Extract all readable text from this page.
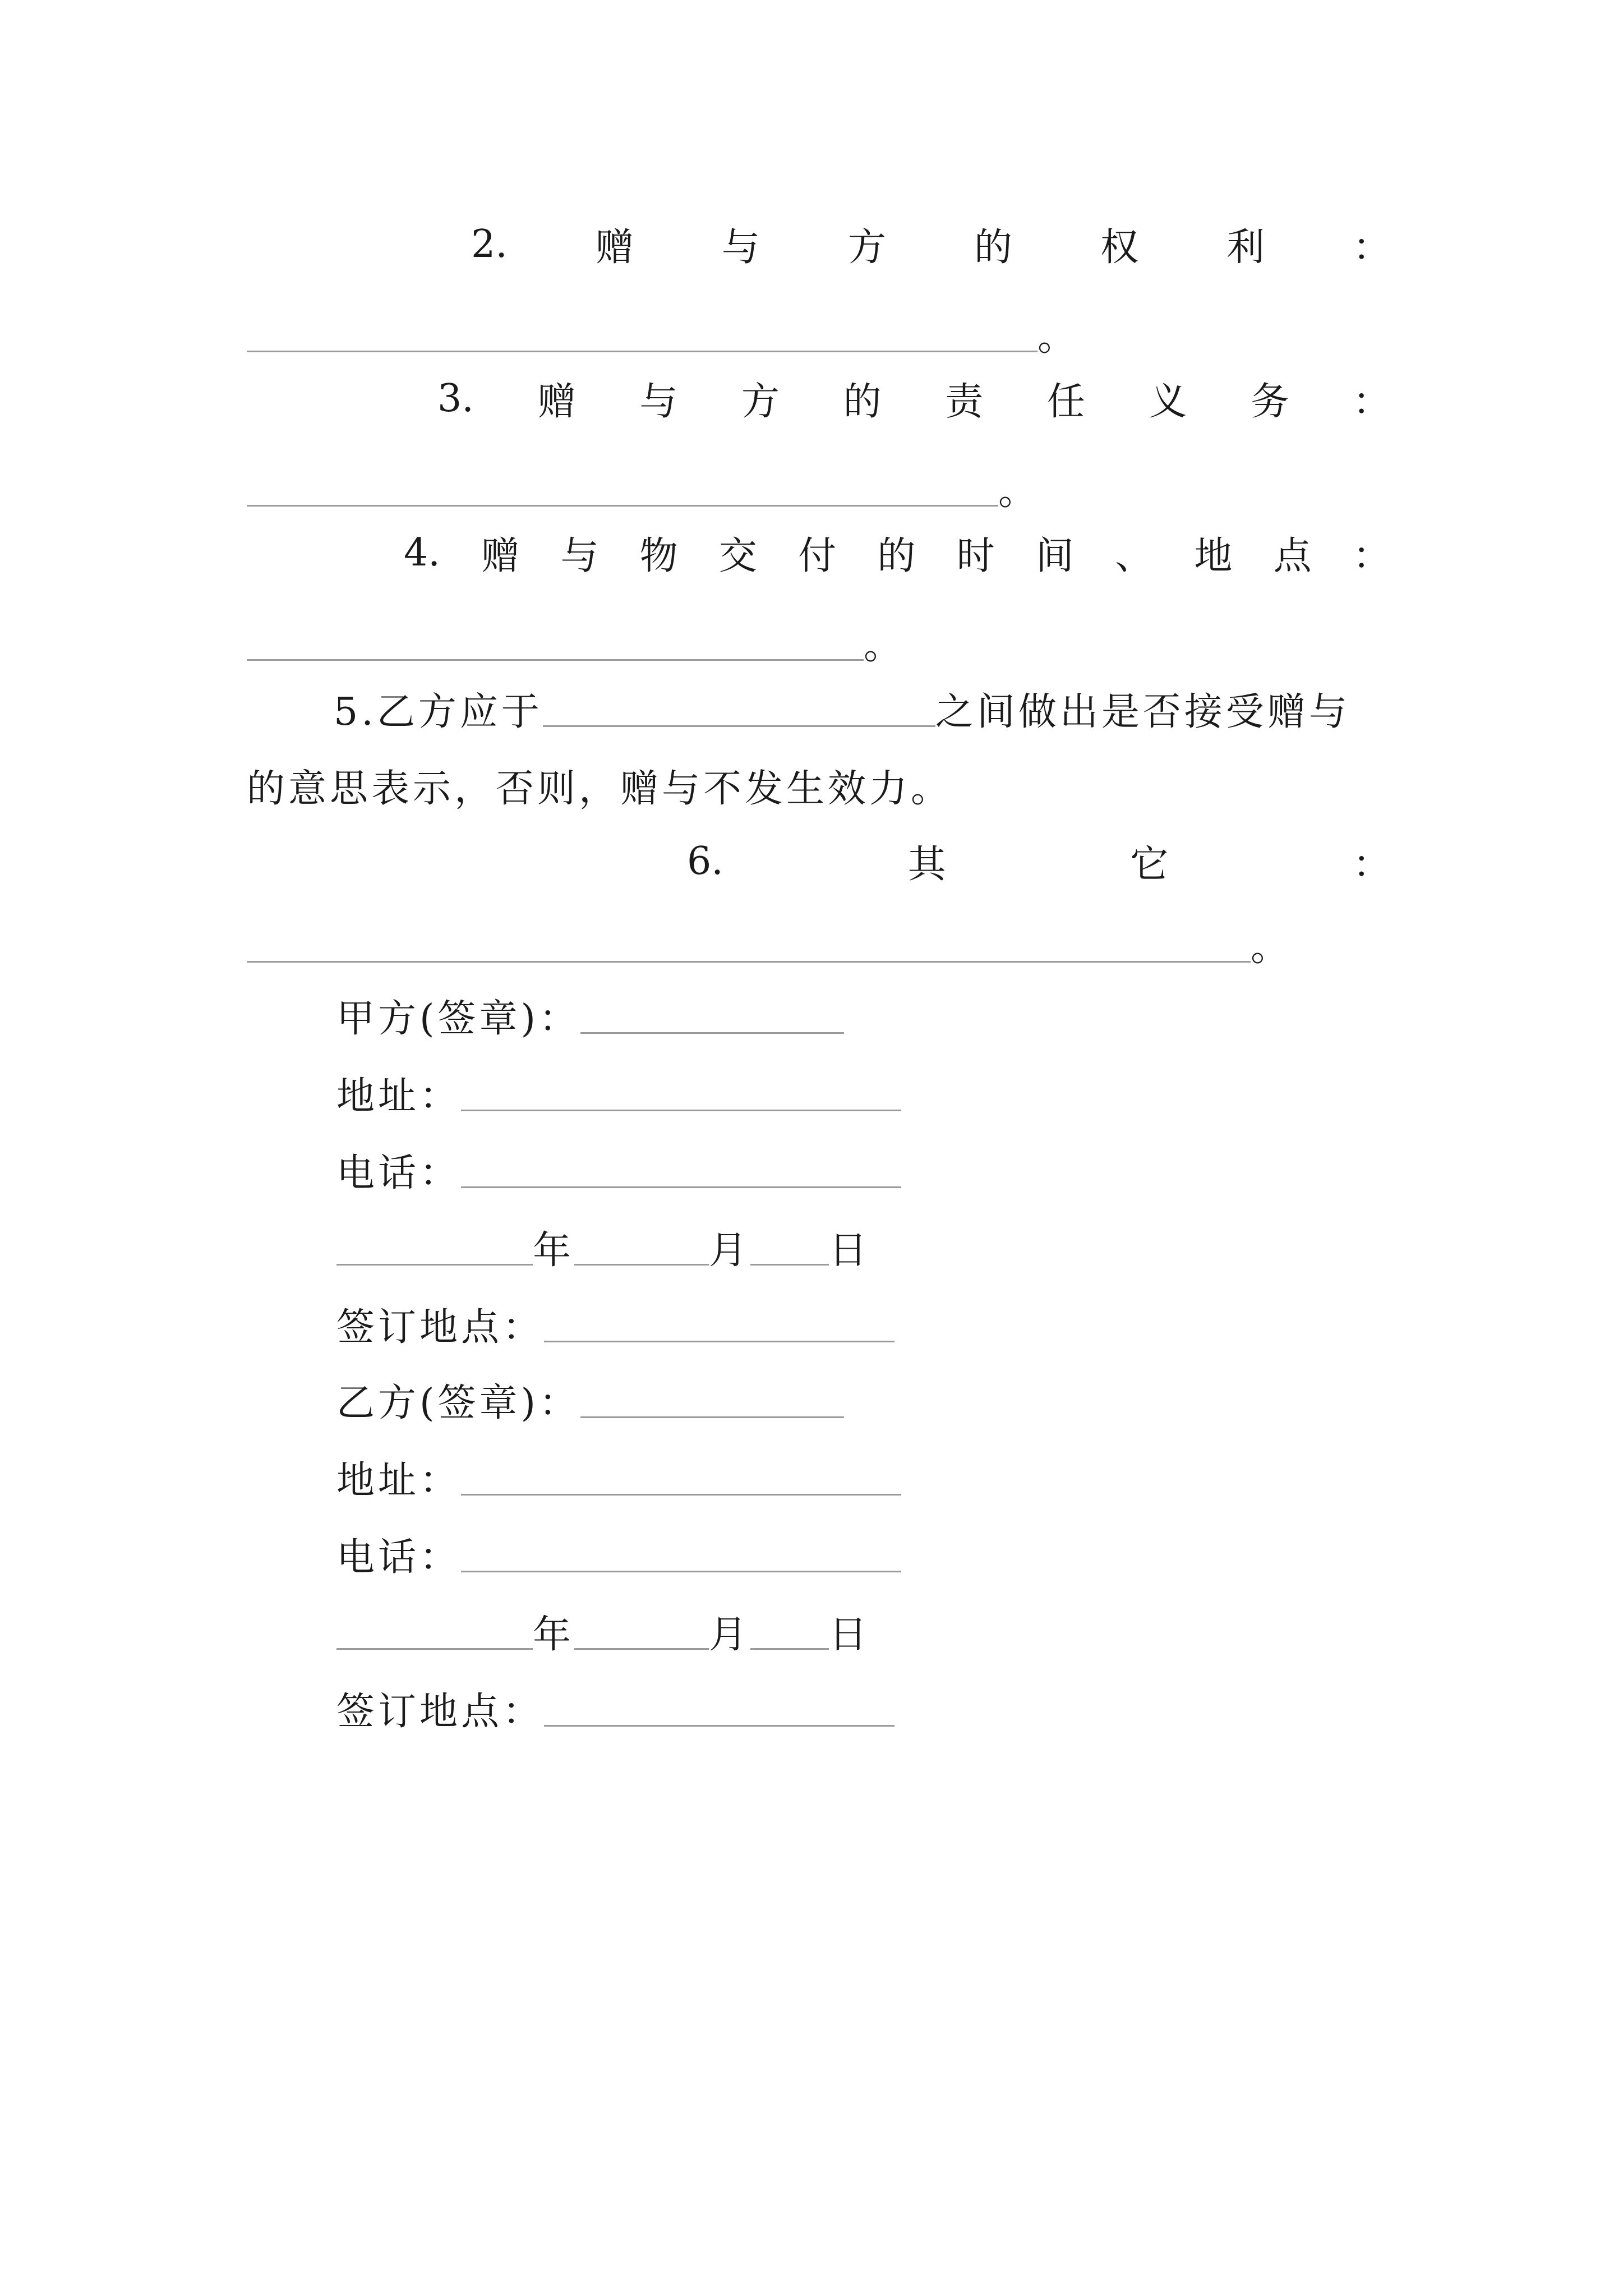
2. 赠 与 方 的 权 利 ：
。
3. 赠 与 方 的 责 任 义 务 ：
。
4. 赠 与 物 交 付 的 时 间 、 地 点 ：
。
5.乙方应于	之间做出是否接受赠与
的意思表示，否则，赠与不发生效力。
6.	其	它	：
。
甲方(签章)：
地址：
电话：
年	月 日
签订地点：
乙方(签章)：
地址：
电话：
年	月 日
签订地点：
